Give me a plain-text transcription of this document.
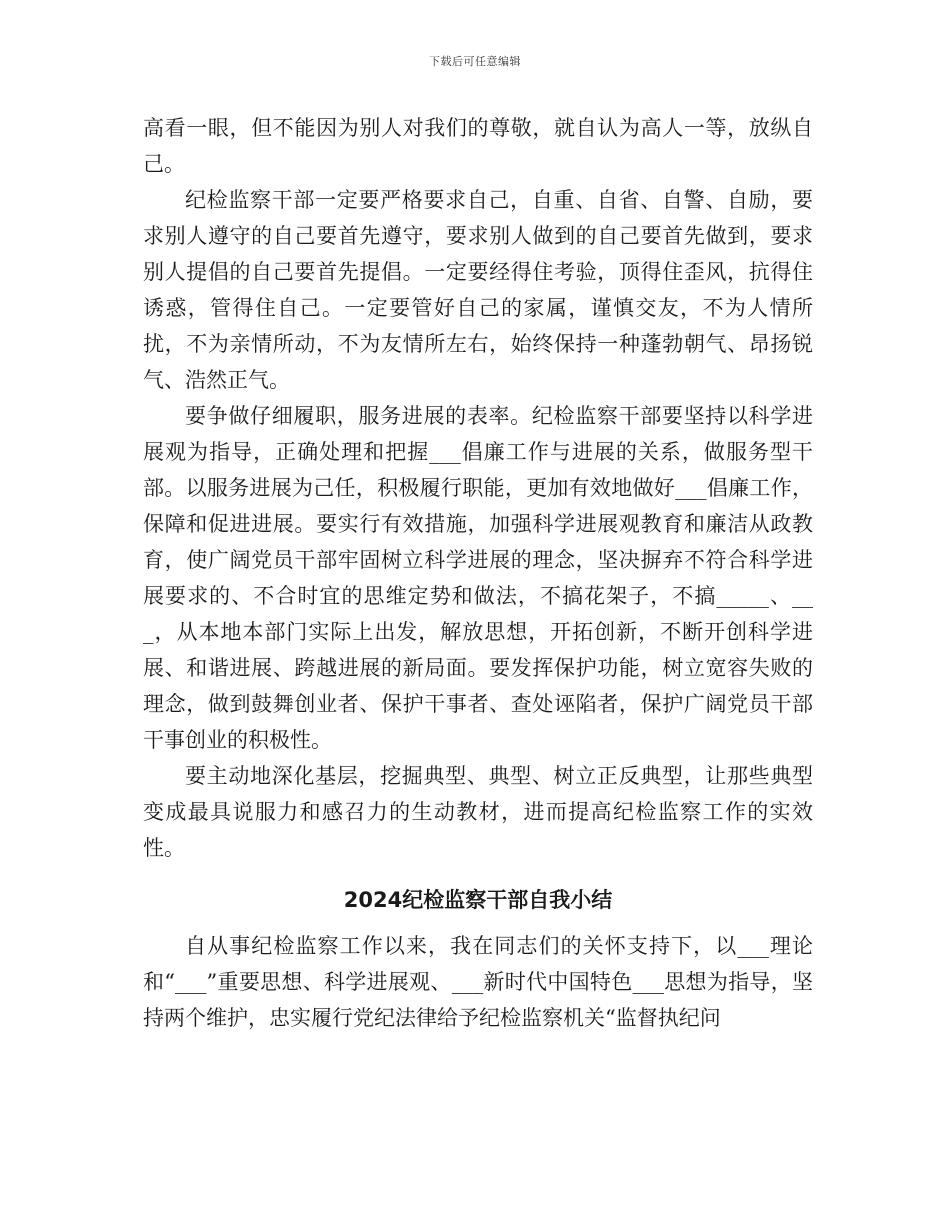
下载后可任意编辑

高看一眼，但不能因为别人对我们的尊敬，就自认为高人一等，放纵自己。

纪检监察干部一定要严格要求自己，自重、自省、自警、自励，要求别人遵守的自己要首先遵守，要求别人做到的自己要首先做到，要求别人提倡的自己要首先提倡。一定要经得住考验，顶得住歪风，抗得住诱惑，管得住自己。一定要管好自己的家属，谨慎交友，不为人情所扰，不为亲情所动，不为友情所左右，始终保持一种蓬勃朝气、昂扬锐气、浩然正气。

要争做仔细履职，服务进展的表率。纪检监察干部要坚持以科学进展观为指导，正确处理和把握___倡廉工作与进展的关系，做服务型干部。以服务进展为己任，积极履行职能，更加有效地做好___倡廉工作，保障和促进进展。要实行有效措施，加强科学进展观教育和廉洁从政教育，使广阔党员干部牢固树立科学进展的理念，坚决摒弃不符合科学进展要求的、不合时宜的思维定势和做法，不搞花架子，不搞_____、___，从本地本部门实际上出发，解放思想，开拓创新，不断开创科学进展、和谐进展、跨越进展的新局面。要发挥保护功能，树立宽容失败的理念，做到鼓舞创业者、保护干事者、查处诬陷者，保护广阔党员干部干事创业的积极性。

要主动地深化基层，挖掘典型、典型、树立正反典型，让那些典型变成最具说服力和感召力的生动教材，进而提高纪检监察工作的实效性。

2024纪检监察干部自我小结

自从事纪检监察工作以来，我在同志们的关怀支持下，以___理论和“___”重要思想、科学进展观、___新时代中国特色___思想为指导，坚持两个维护，忠实履行党纪法律给予纪检监察机关“监督执纪问
